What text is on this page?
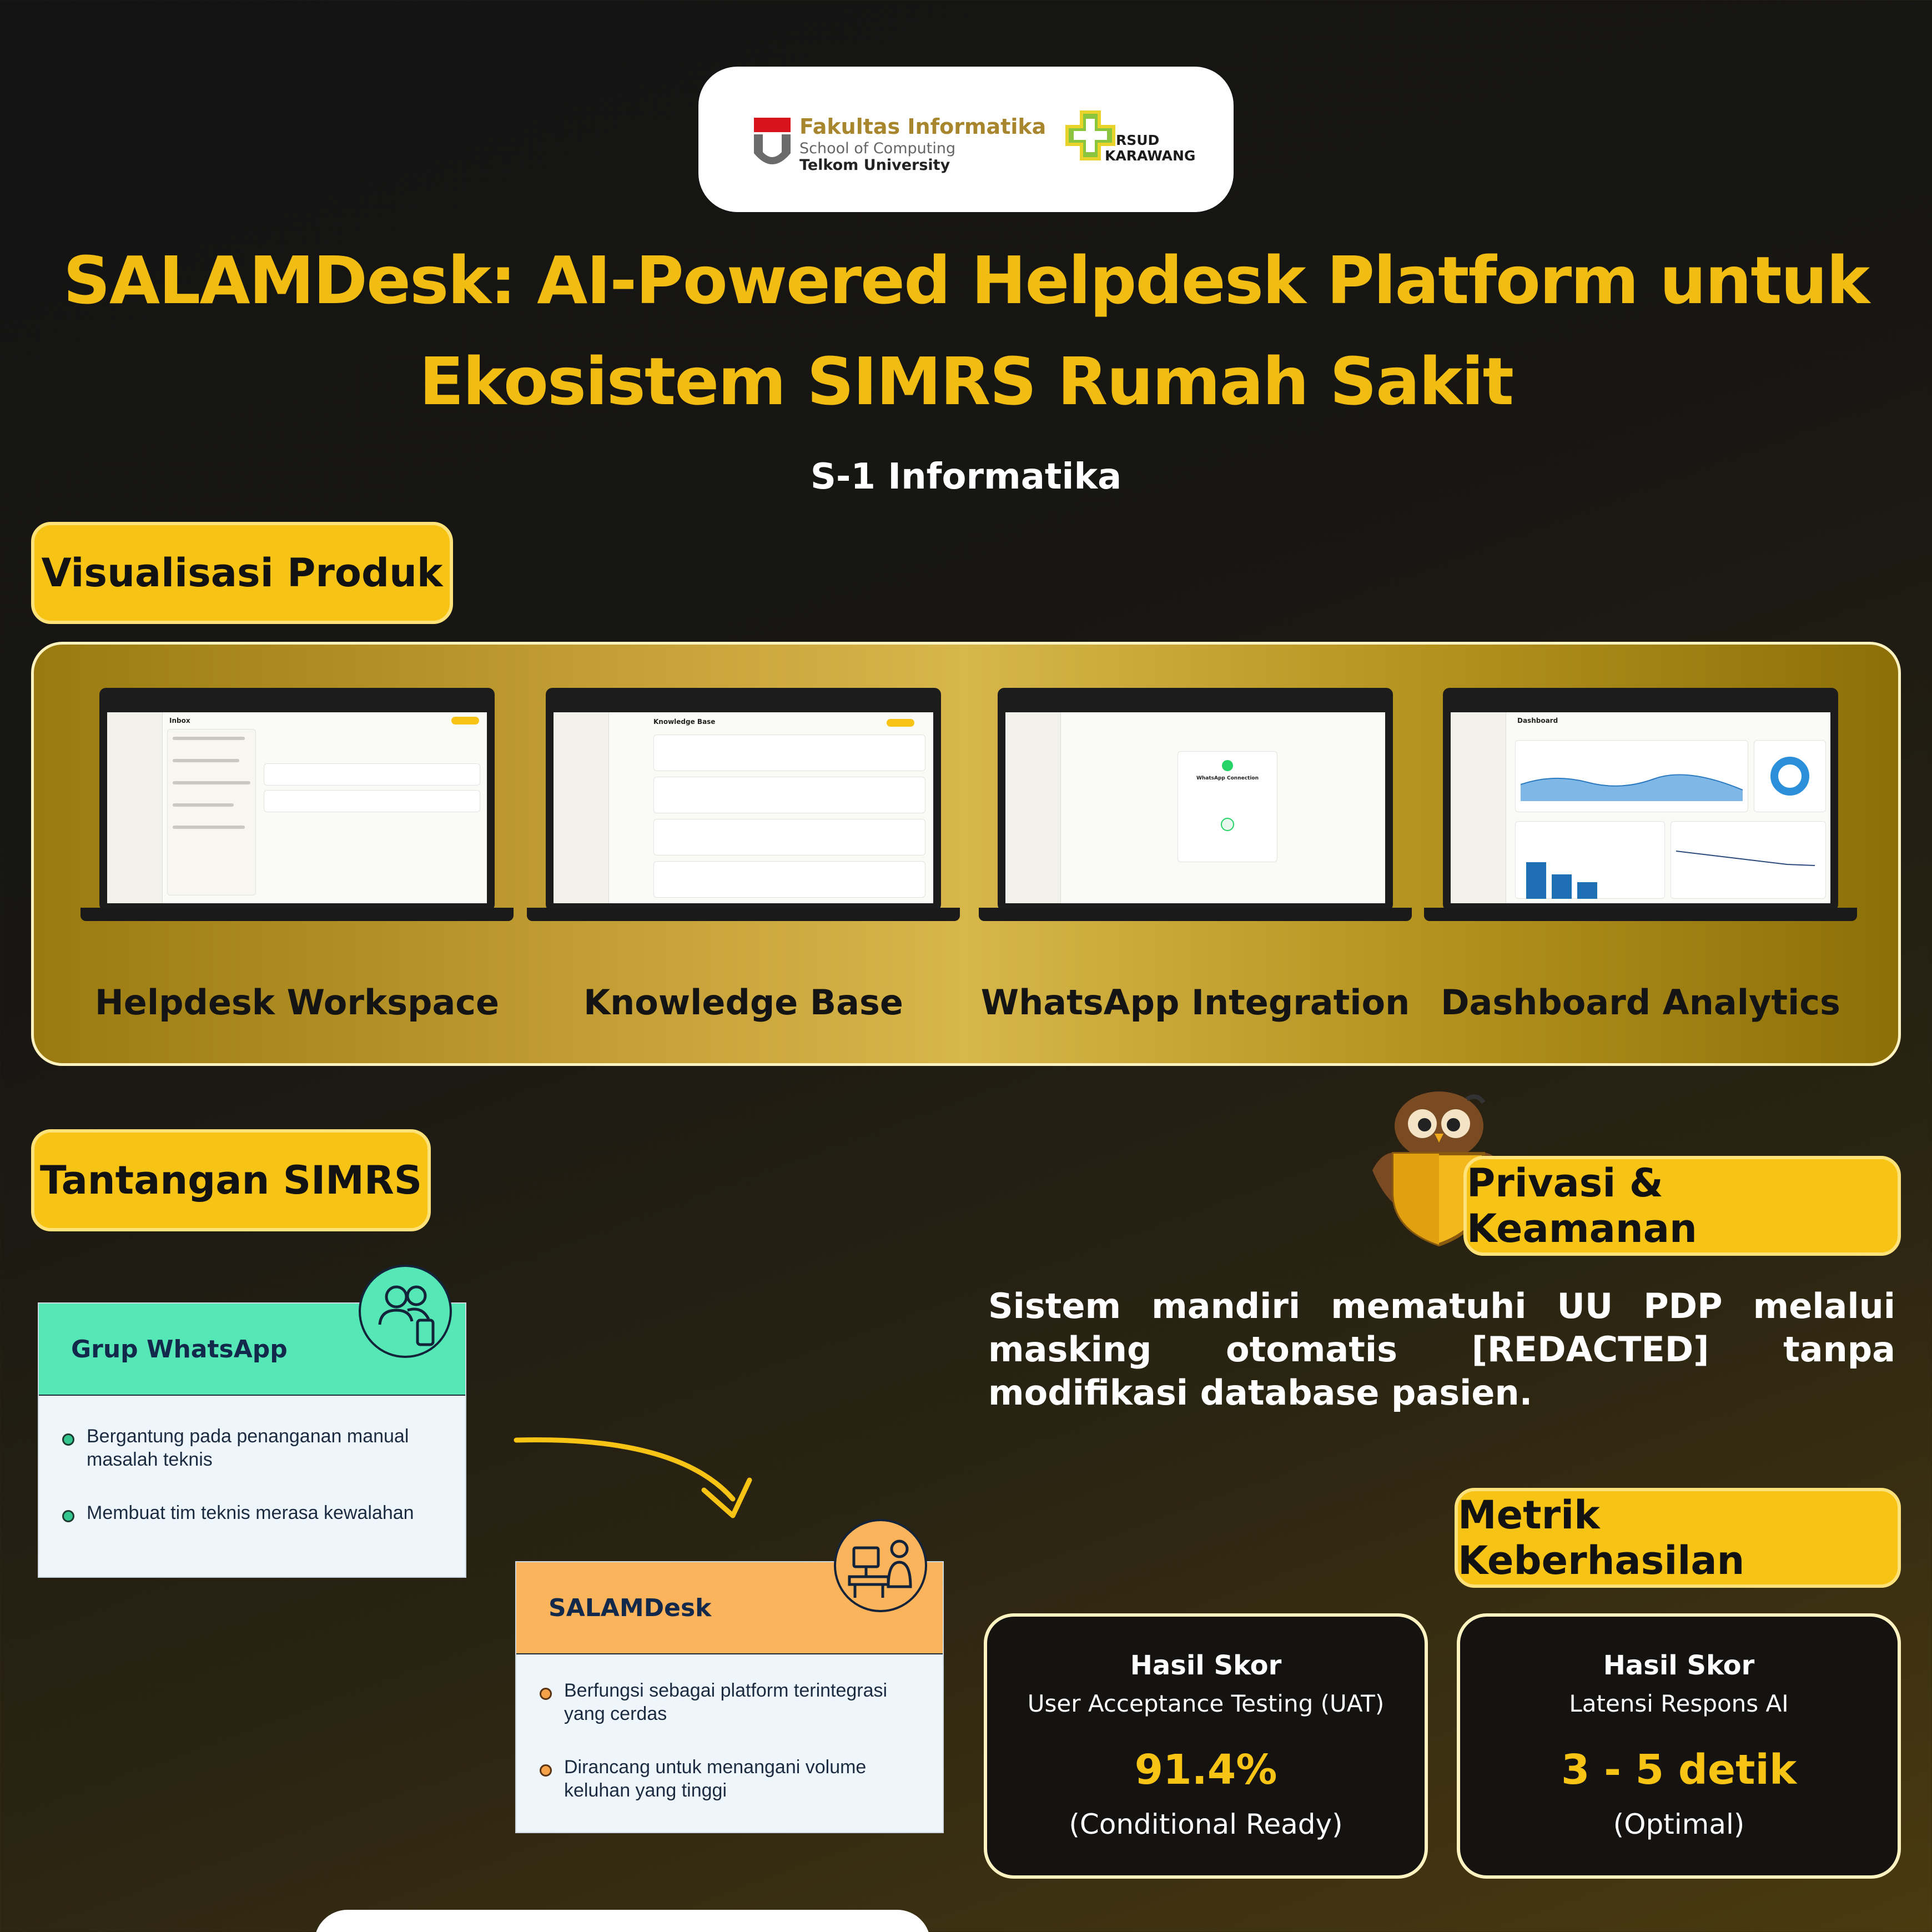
Fakultas Informatika
School of Computing
Telkom University
RSUD
KARAWANG
SALAMDesk: AI-Powered Helpdesk Platform untuk
Ekosistem SIMRS Rumah Sakit
S-1 Informatika
Visualisasi Produk
Inbox	Knowledge Base
WhatsApp Connection
Dashboard
Helpdesk Workspace	Knowledge Base	WhatsApp Integration Dashboard Analytics
Tantangan SIMRS
Grup WhatsApp
Bergantung pada penanganan manual masalah teknis
Membuat tim teknis merasa kewalahan
SALAMDesk
Berfungsi sebagai platform terintegrasi yang cerdas
Dirancang untuk menangani volume keluhan yang tinggi
Privasi & Keamanan
Sistem mandiri mematuhi UU PDP melalui masking otomatis [REDACTED] tanpa modifikasi database pasien.
Metrik Keberhasilan
Hasil Skor
User Acceptance Testing (UAT)
91.4%
(Conditional Ready)
Hasil Skor
Latensi Respons AI
3 - 5 detik
(Optimal)
